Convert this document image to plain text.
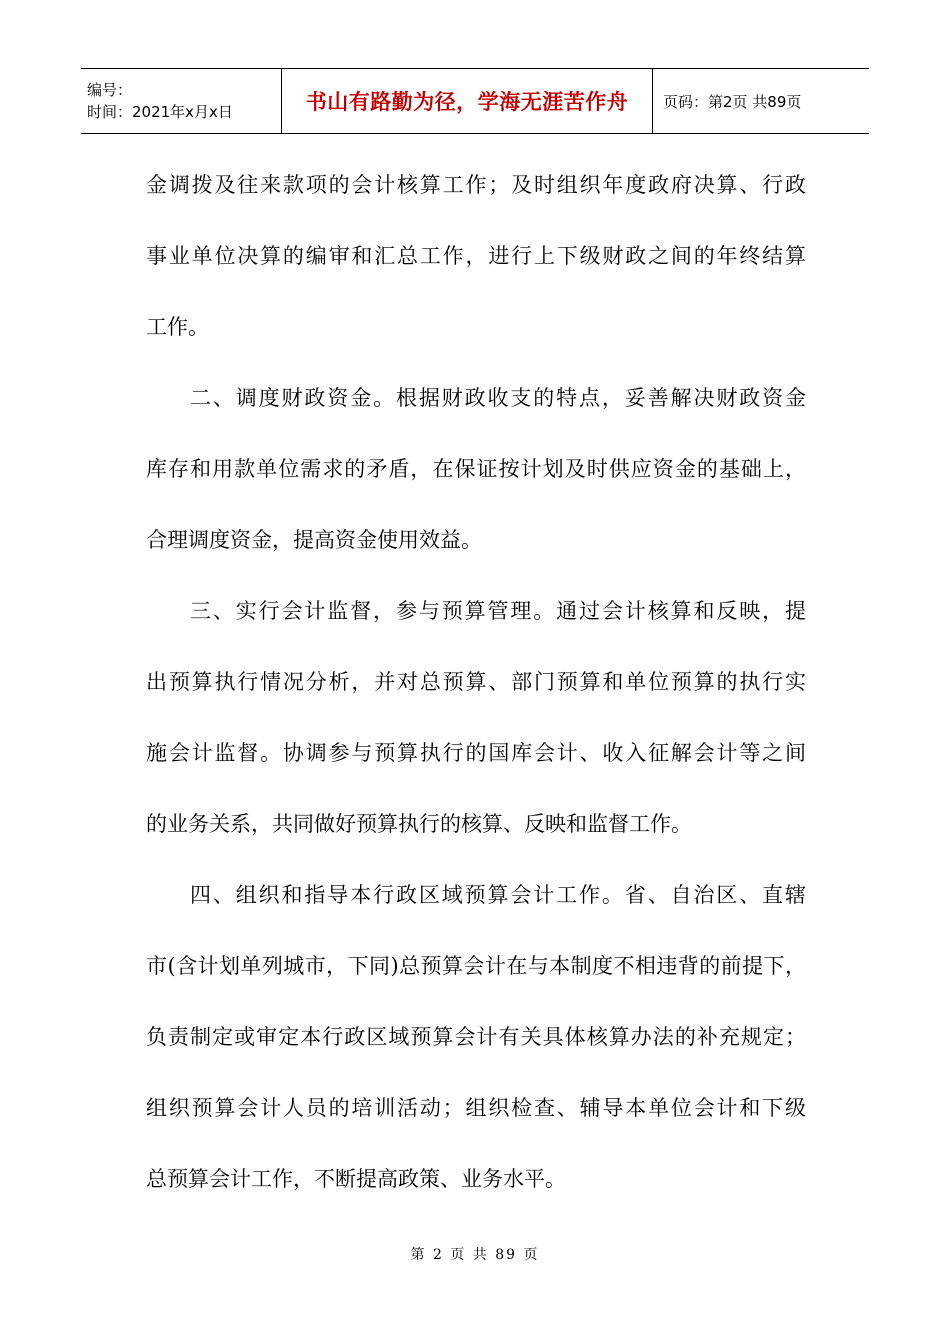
编号：
时间：2021年x月x日	书山有路勤为径，学海无涯苦作舟 页码：第2页 共89页
金调拨及往来款项的会计核算工作；及时组织年度政府决算、行政
事业单位决算的编审和汇总工作，进行上下级财政之间的年终结算
工作。
二、调度财政资金。根据财政收支的特点，妥善解决财政资金
库存和用款单位需求的矛盾，在保证按计划及时供应资金的基础上，
合理调度资金，提高资金使用效益。
三、实行会计监督，参与预算管理。通过会计核算和反映，提
出预算执行情况分析，并对总预算、部门预算和单位预算的执行实
施会计监督。协调参与预算执行的国库会计、收入征解会计等之间
的业务关系，共同做好预算执行的核算、反映和监督工作。
四、组织和指导本行政区域预算会计工作。省、自治区、直辖
市(含计划单列城市，下同)总预算会计在与本制度不相违背的前提下，
负责制定或审定本行政区域预算会计有关具体核算办法的补充规定；
组织预算会计人员的培训活动；组织检查、辅导本单位会计和下级
总预算会计工作，不断提高政策、业务水平。
第 2 页 共 89 页
